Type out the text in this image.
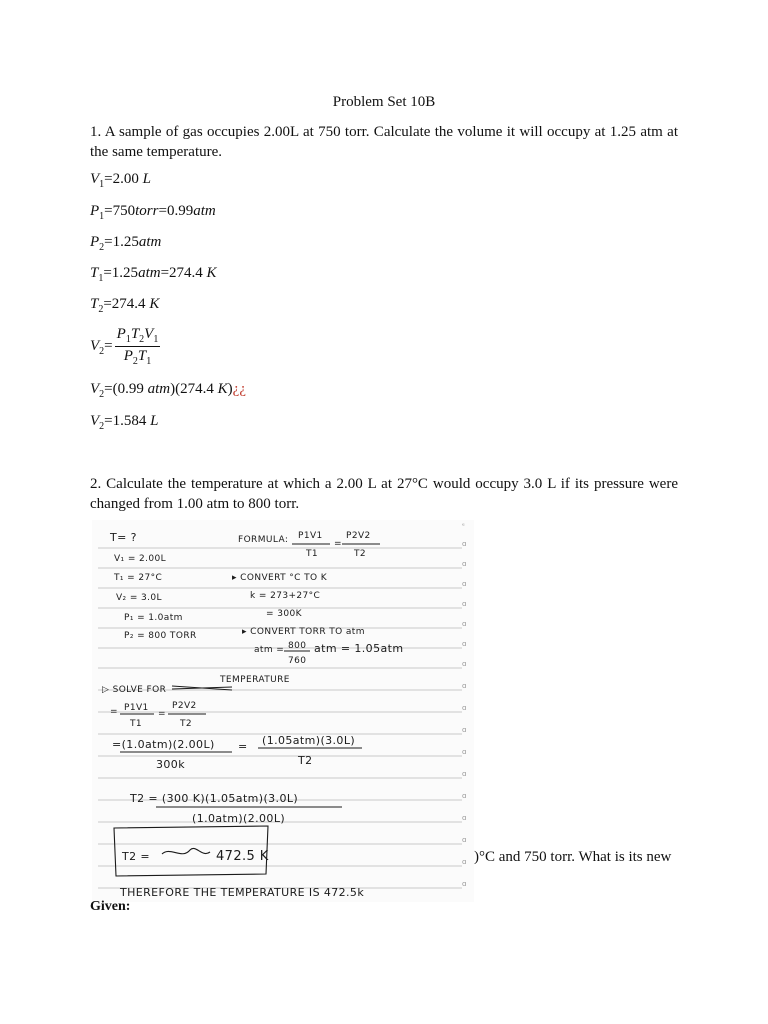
Problem Set 10B
1. A sample of gas occupies 2.00L at 750 torr. Calculate the volume it will occupy at 1.25 atm at the same temperature.
$V_1=2.00$ L
$P_1=750torr=0.99atm$
$P_2=1.25atm$
$T_1=1.25atm=274.4$ K
$T_2=274.4$ K
$V_2= \frac{P_1T_2V_1}{P_2T_1}$
$V_2=(0.99$ atm)(274.4 K)¿¿
$V_2=1.584$ L
2. Calculate the temperature at which a 2.00 L at 27°C would occupy 3.0 L if its pressure were changed from 1.00 atm to 800 torr.
)°C and 750 torr. What is its new
ᵉ
ɑ
ɑ
ɑ
ɑ
ɑ
ɑ
ɑ
ɑ
ɑ
ɑ
ɑ
ɑ
ɑ
ɑ
ɑ
ɑ
ɑ
T= ?
V₁ = 2.00L
T₁ = 27°C
V₂ = 3.0L
P₁ = 1.0atm
P₂ = 800 TORR
FORMULA: P1V1
T1
=
P2V2
T2
▸ CONVERT °C TO K
k = 273+27°C
= 300K
▸ CONVERT TORR TO atm
atm = 800
760
atm = 1.05atm
TEMPERATURE
▷ SOLVE FOR
= P1V1
T1
=
P2V2
T2
=(1.0atm)(2.00L)
300k
= (1.05atm)(3.0L)
T2
T2 = (300 K)(1.05atm)(3.0L)
(1.0atm)(2.00L)
T2 =	472.5 K
THEREFORE THE TEMPERATURE IS 472.5k
Given:
